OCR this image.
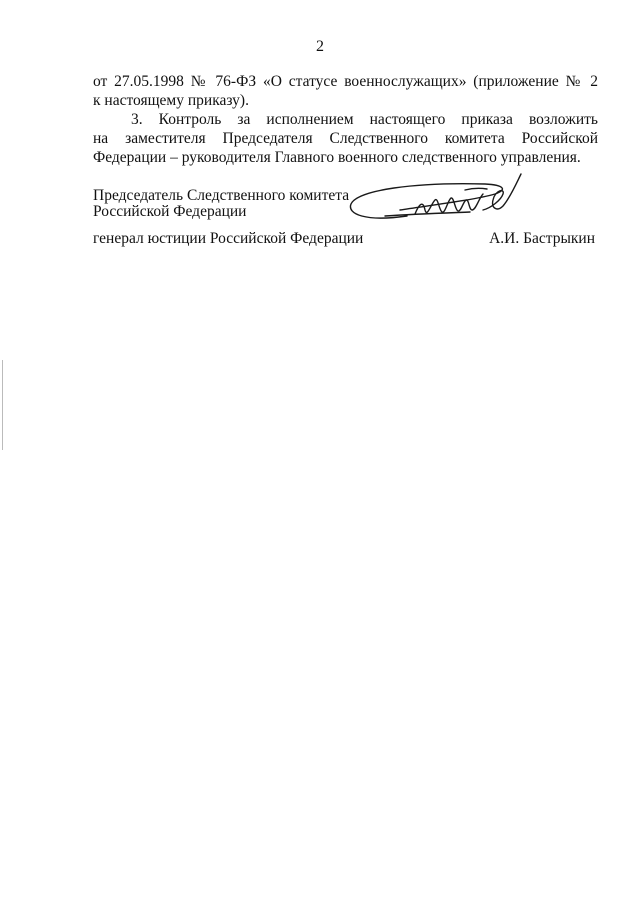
2
от 27.05.1998 № 76-ФЗ «О статусе военнослужащих» (приложение № 2
к настоящему приказу).
3. Контроль за исполнением настоящего приказа возложить
на заместителя Председателя Следственного комитета Российской
Федерации – руководителя Главного военного следственного управления.
Председатель Следственного комитета
Российской Федерации
генерал юстиции Российской Федерации	А.И. Бастрыкин
